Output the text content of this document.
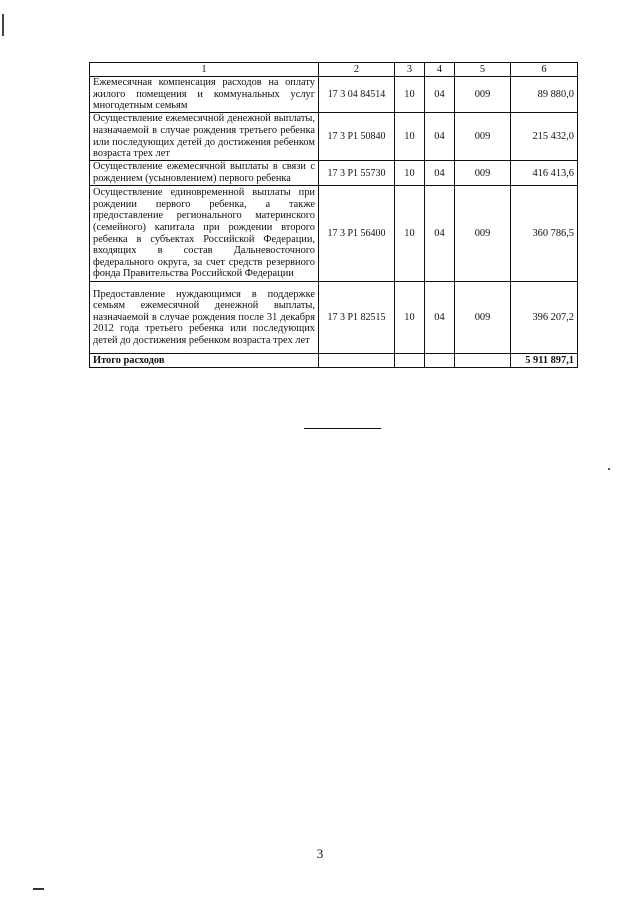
1	2	3	4	5	6
Ежемесячная компенсация расходов на оплату жилого помещения и коммунальных услуг многодетным семьям	17 3 04 84514	10	04	009	89 880,0
Осуществление ежемесячной денежной выплаты, назначаемой в случае рождения третьего ребенка или последующих детей до достижения ребенком возраста трех лет	17 3 P1 50840	10	04	009	215 432,0
Осуществление ежемесячной выплаты в связи с рождением (усыновлением) первого ребенка	17 3 P1 55730	10	04	009	416 413,6
Осуществление единовременной выплаты при рождении первого ребенка, а также предоставление регионального материнского (семейного) капитала при рождении второго ребенка в субъектах Российской Федерации, входящих в состав Дальневосточного федерального округа, за счет средств резервного фонда Правительства Российской Федерации	17 3 P1 56400	10	04	009	360 786,5
Предоставление нуждающимся в поддержке семьям ежемесячной денежной выплаты, назначаемой в случае рождения после 31 декабря 2012 года третьего ребенка или последующих детей до достижения ребенком возраста трех лет	17 3 P1 82515	10	04	009	396 207,2
Итого расходов					5 911 897,1
3
